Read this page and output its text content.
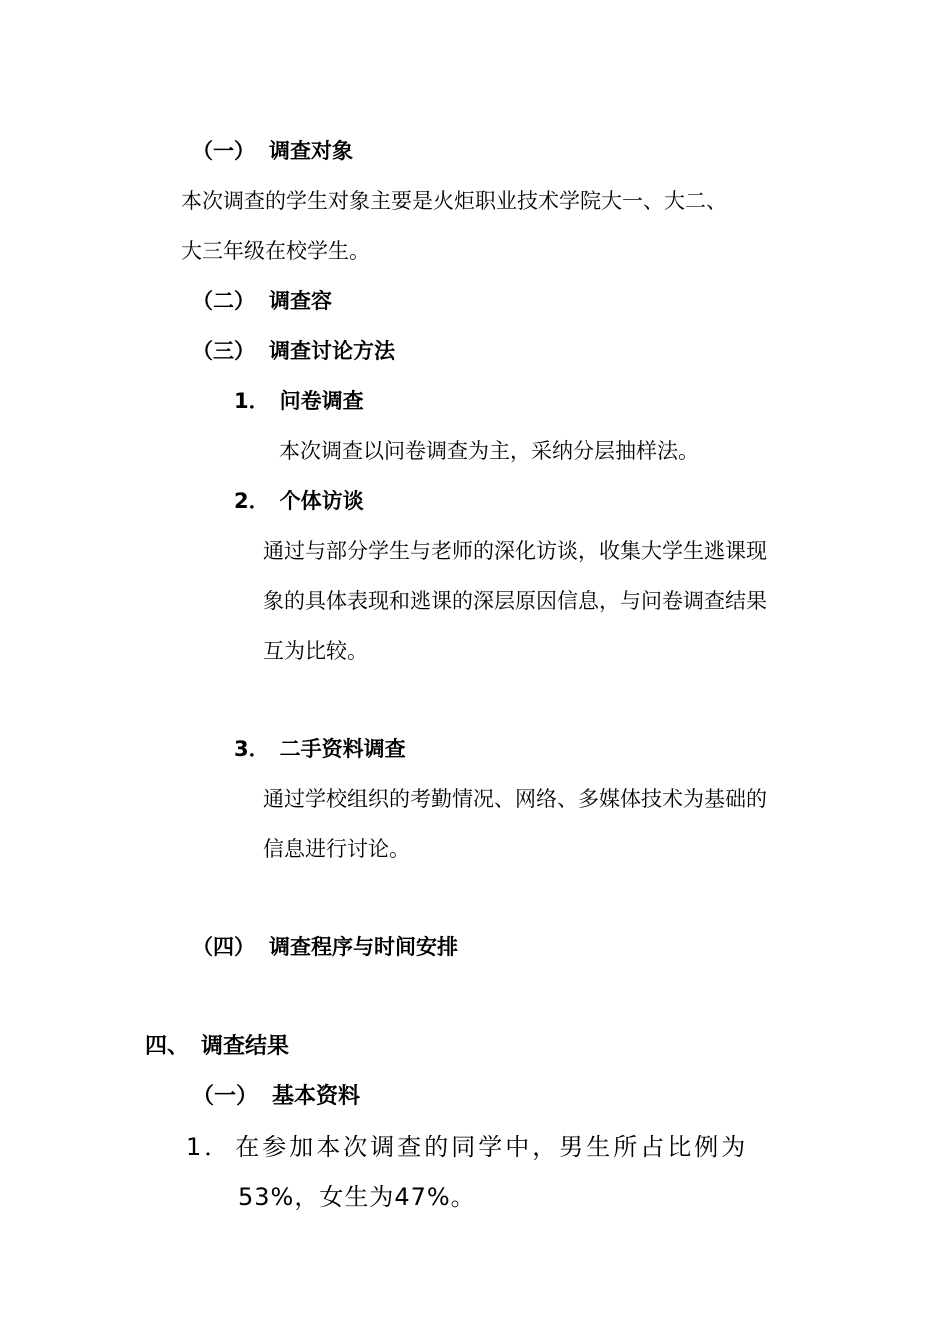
（一） 调查对象
本次调查的学生对象主要是火炬职业技术学院大一、大二、
大三年级在校学生。
（二） 调查容
（三） 调查讨论方法
1． 问卷调查
本次调查以问卷调查为主，采纳分层抽样法。
2． 个体访谈
通过与部分学生与老师的深化访谈，收集大学生逃课现
象的具体表现和逃课的深层原因信息，与问卷调查结果
互为比较。
3． 二手资料调查
通过学校组织的考勤情况、网络、多媒体技术为基础的
信息进行讨论。
（四） 调查程序与时间安排
四、 调查结果
（一） 基本资料
1． 在参加本次调查的同学中，男生所占比例为
53%，女生为47%。
